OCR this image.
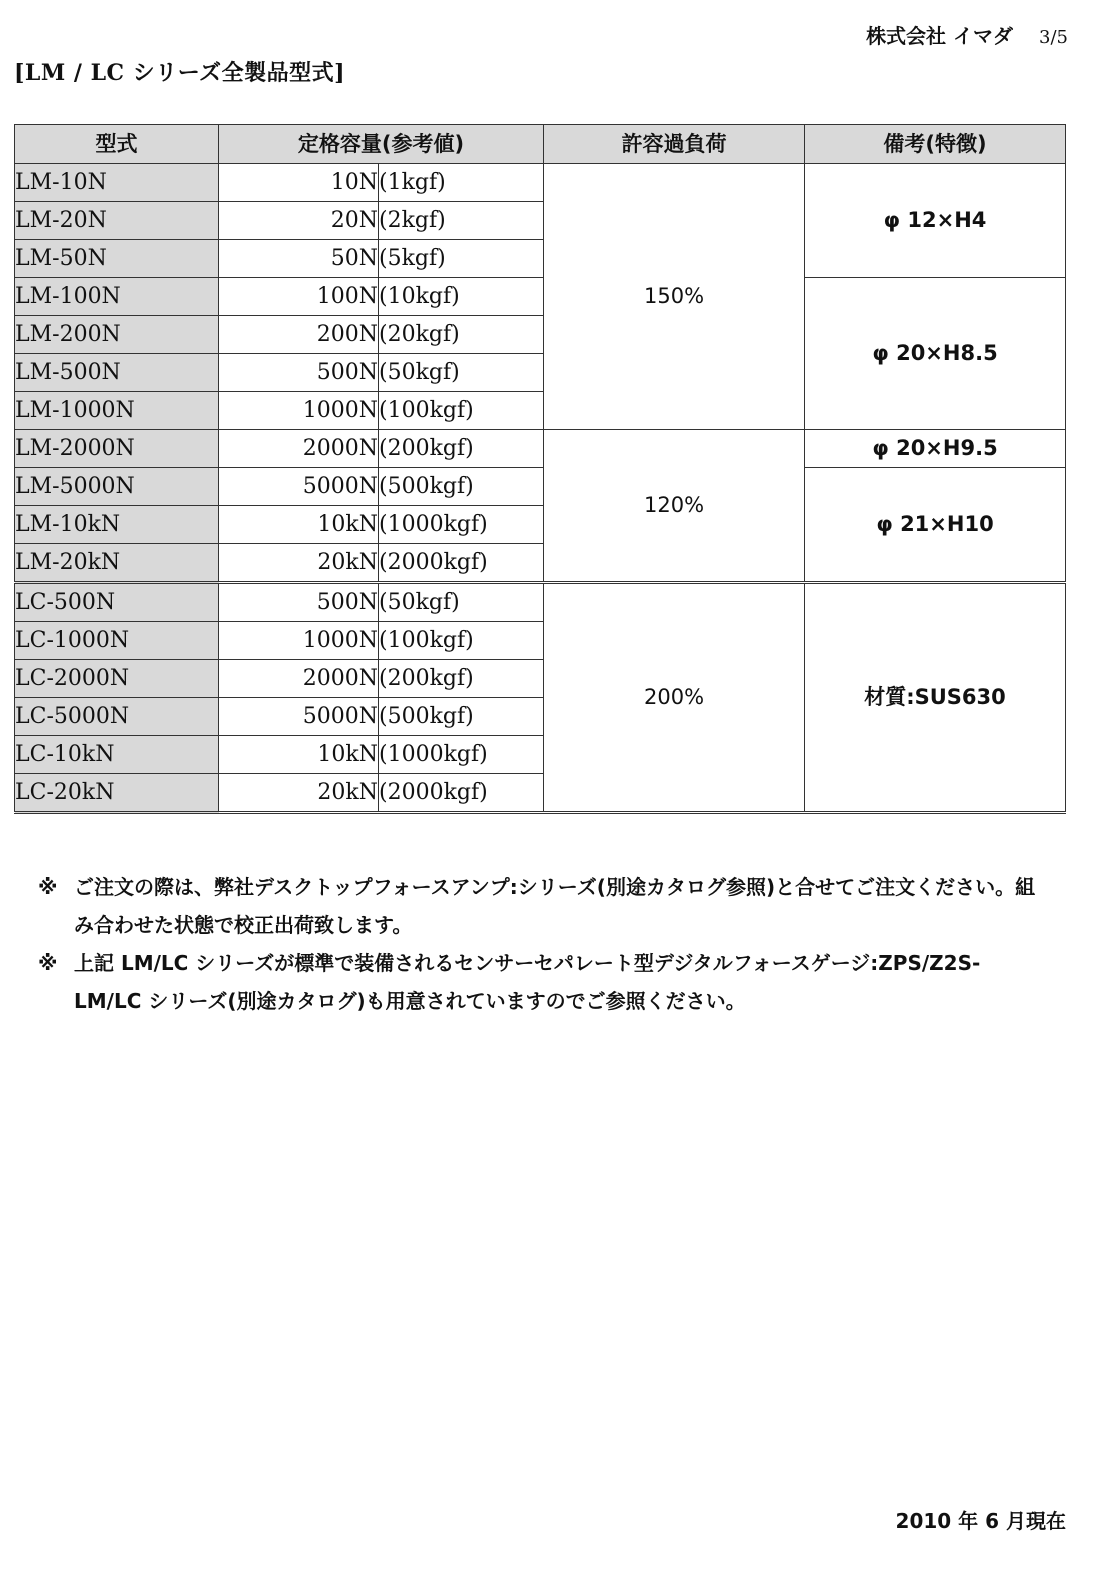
株式会社 イマダ 3/5
[LM / LC シリーズ全製品型式]
型式	定格容量(参考値)		許容過負荷	備考(特徴)
LM-10N	10N	(1kgf)	150%	φ 12×H4
LM-20N	20N	(2kgf)		
LM-50N	50N	(5kgf)		
LM-100N	100N	(10kgf)		φ 20×H8.5
LM-200N	200N	(20kgf)		
LM-500N	500N	(50kgf)		
LM-1000N	1000N	(100kgf)		
LM-2000N	2000N	(200kgf)	120%	φ 20×H9.5
LM-5000N	5000N	(500kgf)		φ 21×H10
LM-10kN	10kN	(1000kgf)		
LM-20kN	20kN	(2000kgf)		
LC-500N	500N	(50kgf)	200%	材質:SUS630
LC-1000N	1000N	(100kgf)		
LC-2000N	2000N	(200kgf)		
LC-5000N	5000N	(500kgf)		
LC-10kN	10kN	(1000kgf)		
LC-20kN	20kN	(2000kgf)		
※ ご注文の際は、弊社デスクトップフォースアンプ:シリーズ(別途カタログ参照)と合せてご注文ください。組み合わせた状態で校正出荷致します。
※ 上記 LM/LC シリーズが標準で装備されるセンサーセパレート型デジタルフォースゲージ:ZPS/Z2S-LM/LC シリーズ(別途カタログ)も用意されていますのでご参照ください。
2010 年 6 月現在
